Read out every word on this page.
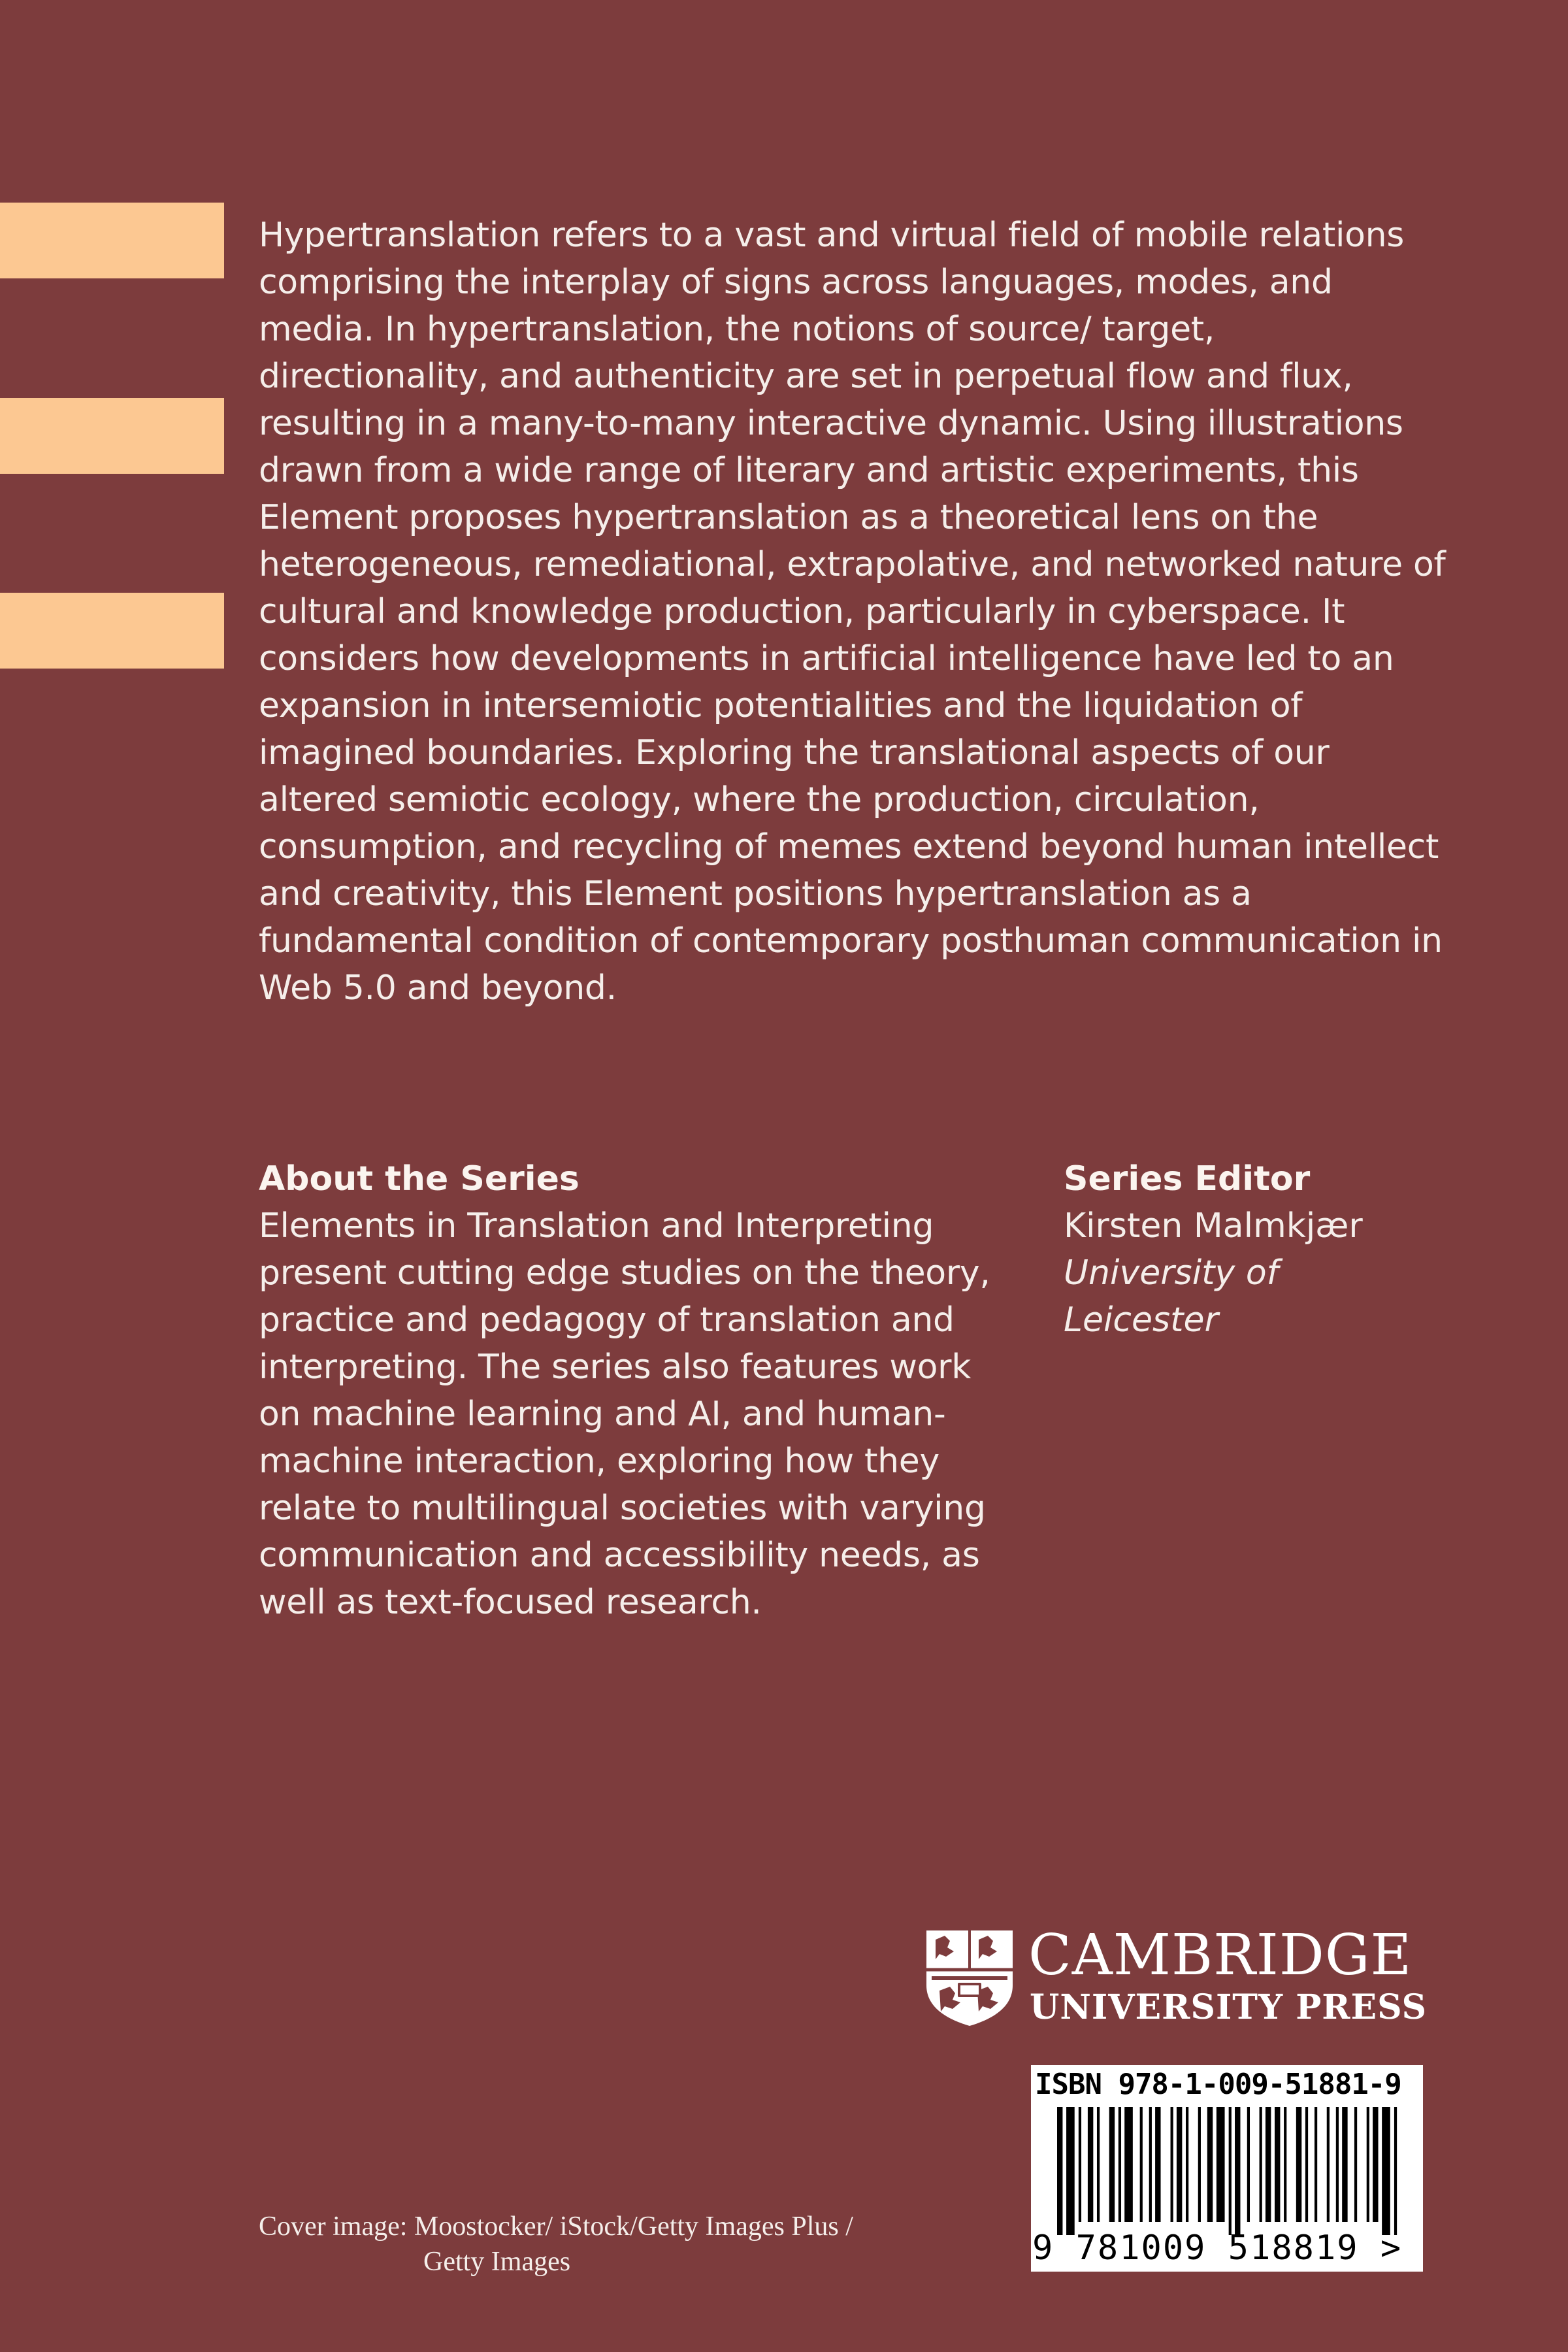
Hypertranslation refers to a vast and virtual field of mobile relations comprising the interplay of signs across languages, modes, and media. In hypertranslation, the notions of source/ target, directionality, and authenticity are set in perpetual flow and flux, resulting in a many-to-many interactive dynamic. Using illustrations drawn from a wide range of literary and artistic experiments, this Element proposes hypertranslation as a theoretical lens on the heterogeneous, remediational, extrapolative, and networked nature of cultural and knowledge production, particularly in cyberspace. It considers how developments in artificial intelligence have led to an expansion in intersemiotic potentialities and the liquidation of imagined boundaries. Exploring the translational aspects of our altered semiotic ecology, where the production, circulation, consumption, and recycling of memes extend beyond human intellect and creativity, this Element positions hypertranslation as a fundamental condition of contemporary posthuman communication in Web 5.0 and beyond.

About the Series

Elements in Translation and Interpreting present cutting edge studies on the theory, practice and pedagogy of translation and interpreting. The series also features work on machine learning and AI, and human-machine interaction, exploring how they relate to multilingual societies with varying communication and accessibility needs, as well as text-focused research.

Series Editor
Kirsten Malmkjær
University of Leicester
CAMBRIDGE
UNIVERSITY PRESS
ISBN 978-1-009-51881-9
9 781009 518819 >
Cover image: Moostocker/ iStock/Getty Images Plus /
Getty Images
